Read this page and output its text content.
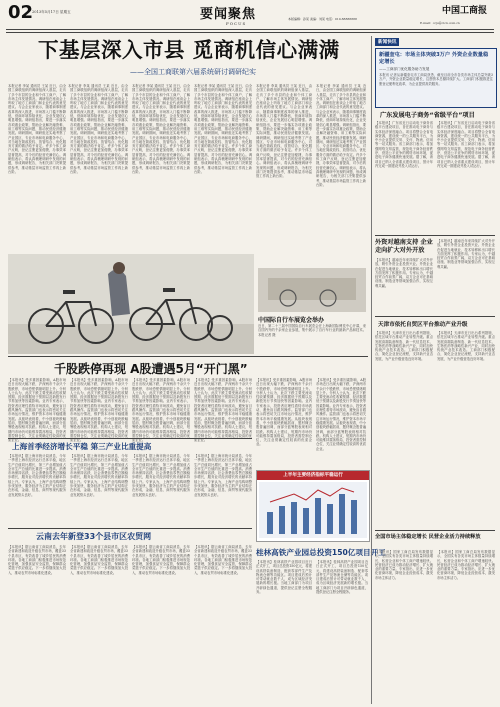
02
2013年5月17日 星期五	要闻聚焦
FOCUS
中国工商报
本版编辑：孙某 美编：刘某 电话：010-88888888
E-mail：ccjs@cicn.com.cn
下基层深入市县 觅商机信心满满
——全国工商联第六届系统研讨调研纪实
本报记者 李某 通讯员 王某 近日，由全国工商联组织的调研组深入基层，走访了多个市县的企业和个体工商户，了解市场主体发展情况。调研组在座谈会上听取了地方工商部门和企业代表的意见建议。与会企业家表示，随着商事制度改革的深入推进，市场准入门槛不断降低，营商环境持续优化，企业发展信心明显增强。调研组指出，要进一步落实各项惠企政策，帮助企业解决融资难、用工难等实际问题，推动民营经济健康发展。调研期间，调研组还实地考察了产业园区、专业市场和电商服务中心，对当地在简政放权、放管结合、优化服务方面的做法给予肯定。许多个体工商户反映，登记注册更加便捷，办事效率显著提高，对今后的经营充满信心。调研组表示，将认真梳理调研中发现的问题，形成调研报告，为相关部门决策提供参考，推动基层市场监管工作再上新台阶。
本报记者 李某 通讯员 王某 近日，由全国工商联组织的调研组深入基层，走访了多个市县的企业和个体工商户，了解市场主体发展情况。调研组在座谈会上听取了地方工商部门和企业代表的意见建议。与会企业家表示，随着商事制度改革的深入推进，市场准入门槛不断降低，营商环境持续优化，企业发展信心明显增强。调研组指出，要进一步落实各项惠企政策，帮助企业解决融资难、用工难等实际问题，推动民营经济健康发展。调研期间，调研组还实地考察了产业园区、专业市场和电商服务中心，对当地在简政放权、放管结合、优化服务方面的做法给予肯定。许多个体工商户反映，登记注册更加便捷，办事效率显著提高，对今后的经营充满信心。调研组表示，将认真梳理调研中发现的问题，形成调研报告，为相关部门决策提供参考，推动基层市场监管工作再上新台阶。
本报记者 李某 通讯员 王某 近日，由全国工商联组织的调研组深入基层，走访了多个市县的企业和个体工商户，了解市场主体发展情况。调研组在座谈会上听取了地方工商部门和企业代表的意见建议。与会企业家表示，随着商事制度改革的深入推进，市场准入门槛不断降低，营商环境持续优化，企业发展信心明显增强。调研组指出，要进一步落实各项惠企政策，帮助企业解决融资难、用工难等实际问题，推动民营经济健康发展。调研期间，调研组还实地考察了产业园区、专业市场和电商服务中心，对当地在简政放权、放管结合、优化服务方面的做法给予肯定。许多个体工商户反映，登记注册更加便捷，办事效率显著提高，对今后的经营充满信心。调研组表示，将认真梳理调研中发现的问题，形成调研报告，为相关部门决策提供参考，推动基层市场监管工作再上新台阶。
本报记者 李某 通讯员 王某 近日，由全国工商联组织的调研组深入基层，走访了多个市县的企业和个体工商户，了解市场主体发展情况。调研组在座谈会上听取了地方工商部门和企业代表的意见建议。与会企业家表示，随着商事制度改革的深入推进，市场准入门槛不断降低，营商环境持续优化，企业发展信心明显增强。调研组指出，要进一步落实各项惠企政策，帮助企业解决融资难、用工难等实际问题，推动民营经济健康发展。调研期间，调研组还实地考察了产业园区、专业市场和电商服务中心，对当地在简政放权、放管结合、优化服务方面的做法给予肯定。许多个体工商户反映，登记注册更加便捷，办事效率显著提高，对今后的经营充满信心。调研组表示，将认真梳理调研中发现的问题，形成调研报告，为相关部门决策提供参考，推动基层市场监管工作再上新台阶。
本报记者 李某 通讯员 王某 近日，由全国工商联组织的调研组深入基层，走访了多个市县的企业和个体工商户，了解市场主体发展情况。调研组在座谈会上听取了地方工商部门和企业代表的意见建议。与会企业家表示，随着商事制度改革的深入推进，市场准入门槛不断降低，营商环境持续优化，企业发展信心明显增强。调研组指出，要进一步落实各项惠企政策，帮助企业解决融资难、用工难等实际问题，推动民营经济健康发展。调研期间，调研组还实地考察了产业园区、专业市场和电商服务中心，对当地在简政放权、放管结合、优化服务方面的做法给予肯定。许多个体工商户反映，登记注册更加便捷，办事效率显著提高，对今后的经营充满信心。调研组表示，将认真梳理调研中发现的问题，形成调研报告，为相关部门决策提供参考，推动基层市场监管工作再上新台阶。
本报记者 李某 通讯员 王某 近日，由全国工商联组织的调研组深入基层，走访了多个市县的企业和个体工商户，了解市场主体发展情况。调研组在座谈会上听取了地方工商部门和企业代表的意见建议。与会企业家表示，随着商事制度改革的深入推进，市场准入门槛不断降低，营商环境持续优化，企业发展信心明显增强。调研组指出，要进一步落实各项惠企政策，帮助企业解决融资难、用工难等实际问题，推动民营经济健康发展。调研期间，调研组还实地考察了产业园区、专业市场和电商服务中心，对当地在简政放权、放管结合、优化服务方面的做法给予肯定。许多个体工商户反映，登记注册更加便捷，办事效率显著提高，对今后的经营充满信心。调研组表示，将认真梳理调研中发现的问题，形成调研报告，为相关部门决策提供参考，推动基层市场监管工作再上新台阶。
中国际自行车展览会举办
近日，第二十三届中国国际自行车展览会在上海新国际博览中心开幕，来自国内外的千余家企业参展，集中展示了自行车行业的最新产品和技术。 本报记者 摄
千股跌停再现 A股遭遇5月“开门黑”
【本报讯】受多重因素影响，A股市场近日出现大幅下跌，沪深两市千余只个股跌停，市场恐慌情绪明显上升。分析人士认为，此次下跌主要受流动性收紧预期、经济数据低于预期以及新股发行节奏加快等因素影响。业内专家表示，投资者应理性看待市场波动，避免盲目跟风操作。监管部门也表示将密切关注市场运行情况，维护资本市场平稳健康发展。从板块表现看，中小创板块跌幅居前，题材概念股普遍回调，而部分蓝筹股表现相对抗跌。机构人士建议，短期内市场仍可能维持震荡格局，投资者需控制仓位，关注业绩确定性较高的优质企业。
【本报讯】受多重因素影响，A股市场近日出现大幅下跌，沪深两市千余只个股跌停，市场恐慌情绪明显上升。分析人士认为，此次下跌主要受流动性收紧预期、经济数据低于预期以及新股发行节奏加快等因素影响。业内专家表示，投资者应理性看待市场波动，避免盲目跟风操作。监管部门也表示将密切关注市场运行情况，维护资本市场平稳健康发展。从板块表现看，中小创板块跌幅居前，题材概念股普遍回调，而部分蓝筹股表现相对抗跌。机构人士建议，短期内市场仍可能维持震荡格局，投资者需控制仓位，关注业绩确定性较高的优质企业。
【本报讯】受多重因素影响，A股市场近日出现大幅下跌，沪深两市千余只个股跌停，市场恐慌情绪明显上升。分析人士认为，此次下跌主要受流动性收紧预期、经济数据低于预期以及新股发行节奏加快等因素影响。业内专家表示，投资者应理性看待市场波动，避免盲目跟风操作。监管部门也表示将密切关注市场运行情况，维护资本市场平稳健康发展。从板块表现看，中小创板块跌幅居前，题材概念股普遍回调，而部分蓝筹股表现相对抗跌。机构人士建议，短期内市场仍可能维持震荡格局，投资者需控制仓位，关注业绩确定性较高的优质企业。
【本报讯】受多重因素影响，A股市场近日出现大幅下跌，沪深两市千余只个股跌停，市场恐慌情绪明显上升。分析人士认为，此次下跌主要受流动性收紧预期、经济数据低于预期以及新股发行节奏加快等因素影响。业内专家表示，投资者应理性看待市场波动，避免盲目跟风操作。监管部门也表示将密切关注市场运行情况，维护资本市场平稳健康发展。从板块表现看，中小创板块跌幅居前，题材概念股普遍回调，而部分蓝筹股表现相对抗跌。机构人士建议，短期内市场仍可能维持震荡格局，投资者需控制仓位，关注业绩确定性较高的优质企业。
【本报讯】受多重因素影响，A股市场近日出现大幅下跌，沪深两市千余只个股跌停，市场恐慌情绪明显上升。分析人士认为，此次下跌主要受流动性收紧预期、经济数据低于预期以及新股发行节奏加快等因素影响。业内专家表示，投资者应理性看待市场波动，避免盲目跟风操作。监管部门也表示将密切关注市场运行情况，维护资本市场平稳健康发展。从板块表现看，中小创板块跌幅居前，题材概念股普遍回调，而部分蓝筹股表现相对抗跌。机构人士建议，短期内市场仍可能维持震荡格局，投资者需控制仓位，关注业绩确定性较高的优质企业。
【本报讯】受多重因素影响，A股市场近日出现大幅下跌，沪深两市千余只个股跌停，市场恐慌情绪明显上升。分析人士认为，此次下跌主要受流动性收紧预期、经济数据低于预期以及新股发行节奏加快等因素影响。业内专家表示，投资者应理性看待市场波动，避免盲目跟风操作。监管部门也表示将密切关注市场运行情况，维护资本市场平稳健康发展。从板块表现看，中小创板块跌幅居前，题材概念股普遍回调，而部分蓝筹股表现相对抗跌。机构人士建议，短期内市场仍可能维持震荡格局，投资者需控制仓位，关注业绩确定性较高的优质企业。
上海首季经济增长平稳 第三产业比重提高
【本报讯】据上海市统计局消息，今年一季度上海市经济运行总体平稳，地区生产总值同比增长，第三产业增加值占全市生产总值的比重进一步提高。消费市场保持活跃，社会消费品零售总额稳步增长，服务业对经济增长的贡献率持续上升。专家认为，上海产业结构调整步伐加快，服务经济为主的产业结构正在形成，金融、信息、商贸等现代服务业发展势头良好。
【本报讯】据上海市统计局消息，今年一季度上海市经济运行总体平稳，地区生产总值同比增长，第三产业增加值占全市生产总值的比重进一步提高。消费市场保持活跃，社会消费品零售总额稳步增长，服务业对经济增长的贡献率持续上升。专家认为，上海产业结构调整步伐加快，服务经济为主的产业结构正在形成，金融、信息、商贸等现代服务业发展势头良好。
【本报讯】据上海市统计局消息，今年一季度上海市经济运行总体平稳，地区生产总值同比增长，第三产业增加值占全市生产总值的比重进一步提高。消费市场保持活跃，社会消费品零售总额稳步增长，服务业对经济增长的贡献率持续上升。专家认为，上海产业结构调整步伐加快，服务经济为主的产业结构正在形成，金融、信息、商贸等现代服务业发展势头良好。
【本报讯】据上海市统计局消息，今年一季度上海市经济运行总体平稳，地区生产总值同比增长，第三产业增加值占全市生产总值的比重进一步提高。消费市场保持活跃，社会消费品零售总额稳步增长，服务业对经济增长的贡献率持续上升。专家认为，上海产业结构调整步伐加快，服务经济为主的产业结构正在形成，金融、信息、商贸等现代服务业发展势头良好。
云南去年新登33个县市区农贸网
【本报讯】据云南省工商局消息，去年全省新建和改造升级农贸市场，覆盖33个县市区，有效改善了城乡居民的消费环境。各地工商部门积极推进市场规范化管理，加强食品安全监管，保障群众菜篮子供应稳定。下一步将继续加大投入，推动农贸市场标准化建设。
【本报讯】据云南省工商局消息，去年全省新建和改造升级农贸市场，覆盖33个县市区，有效改善了城乡居民的消费环境。各地工商部门积极推进市场规范化管理，加强食品安全监管，保障群众菜篮子供应稳定。下一步将继续加大投入，推动农贸市场标准化建设。
【本报讯】据云南省工商局消息，去年全省新建和改造升级农贸市场，覆盖33个县市区，有效改善了城乡居民的消费环境。各地工商部门积极推进市场规范化管理，加强食品安全监管，保障群众菜篮子供应稳定。下一步将继续加大投入，推动农贸市场标准化建设。
【本报讯】据云南省工商局消息，去年全省新建和改造升级农贸市场，覆盖33个县市区，有效改善了城乡居民的消费环境。各地工商部门积极推进市场规范化管理，加强食品安全监管，保障群众菜篮子供应稳定。下一步将继续加大投入，推动农贸市场标准化建设。
上半年主要经济指标平稳运行
桂林高铁产业园总投资150亿项目开工
【本报讯】桂林高铁产业园项目近日正式开工，项目总投资150亿元，将建设高铁装备制造、配套零部件生产及物流仓储等功能区。项目建成后预计可带动就业数千人，成为区域经济发展新的增长极。当地工商部门为项目开辟绿色通道，提供登记注册全程服务。
【本报讯】桂林高铁产业园项目近日正式开工，项目总投资150亿元，将建设高铁装备制造、配套零部件生产及物流仓储等功能区。项目建成后预计可带动就业数千人，成为区域经济发展新的增长极。当地工商部门为项目开辟绿色通道，提供登记注册全程服务。
新闻快讯
新疆奎屯：市场主体突破3万户 外资企业数量稳定增长
——工商部门优化服务助力发展
本报讯 记者从新疆奎屯市工商局获悉，截至目前全市各类市场主体总量突破3万户，外资企业数量稳定增长，注册资本总额持续扩大。工商部门积极推进注册登记便利化改革，为企业提供高效服务。
广东发展电子商务“省级平台”项目
【本报讯】广东省近日启动电子商务省级平台建设项目，旨在推动电子商务与实体经济深度融合。项目将整合全省电商资源，建设统一的公共服务平台，为中小企业提供交易、支付、物流、信用等一站式服务。省工商部门表示，将加强网络交易监管，规范电子商务经营秩序，营造公平竞争的网络市场环境，促进电子商务健康快速发展。据了解，该项目已纳入全省重点建设项目，预计年内完成一期建设并投入试运行。
【本报讯】广东省近日启动电子商务省级平台建设项目，旨在推动电子商务与实体经济深度融合。项目将整合全省电商资源，建设统一的公共服务平台，为中小企业提供交易、支付、物流、信用等一站式服务。省工商部门表示，将加强网络交易监管，规范电子商务经营秩序，营造公平竞争的网络市场环境，促进电子商务健康快速发展。据了解，该项目已纳入全省重点建设项目，预计年内完成一期建设并投入试运行。
外资对越南支持 企业走向扩大对外开放
【本报讯】越南近年来持续扩大对外开放，吸引外资企业投资兴业。外资企业在促进当地就业、技术转移和出口增长方面发挥了积极作用。专家认为，中越经贸合作前景广阔，双方企业可在基础设施、制造业等领域加强合作，实现互利共赢。
【本报讯】越南近年来持续扩大对外开放，吸引外资企业投资兴业。外资企业在促进当地就业、技术转移和出口增长方面发挥了积极作用。专家认为，中越经贸合作前景广阔，双方企业可在基础设施、制造业等领域加强合作，实现互利共赢。
天津市依托自贸区平台推动产业升级
【本报讯】天津市近日出台系列措施，依托区域平台推动产业转型升级。重点发展高端装备制造、新一代信息技术、生物医药等战略性新兴产业，同时加快传统产业技术改造。工商部门积极配合，简化企业登记流程，支持新兴业态发展，为产业升级营造良好环境。
【本报讯】天津市近日出台系列措施，依托区域平台推动产业转型升级。重点发展高端装备制造、新一代信息技术、生物医药等战略性新兴产业，同时加快传统产业技术改造。工商部门积极配合，简化企业登记流程，支持新兴业态发展，为产业升级营造良好环境。
全国市场主体稳定增长 民营企业活力持续释放
【本报讯】国家工商总局发布数据显示，全国实有各类市场主体数量持续增长，私营企业和个体工商户增速较快。民营经济已成为推动经济增长、扩大就业的重要力量。专家指出，应进一步优化营商环境，降低企业经营成本，激发市场主体活力。
【本报讯】国家工商总局发布数据显示，全国实有各类市场主体数量持续增长，私营企业和个体工商户增速较快。民营经济已成为推动经济增长、扩大就业的重要力量。专家指出，应进一步优化营商环境，降低企业经营成本，激发市场主体活力。
